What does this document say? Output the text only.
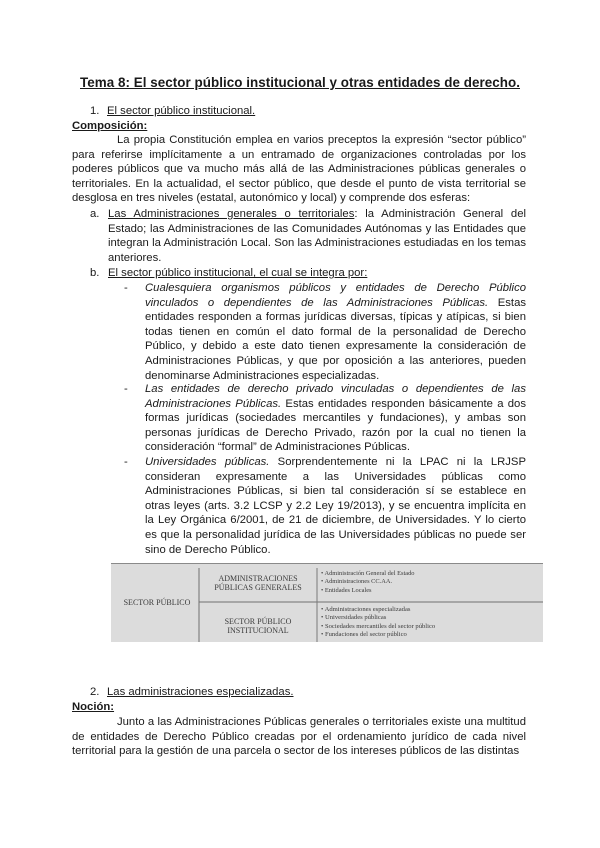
Tema 8: El sector público institucional y otras entidades de derecho.
1. El sector público institucional.
Composición:
La propia Constitución emplea en varios preceptos la expresión “sector público” para referirse implícitamente a un entramado de organizaciones controladas por los poderes públicos que va mucho más allá de las Administraciones públicas generales o territoriales. En la actualidad, el sector público, que desde el punto de vista territorial se desglosa en tres niveles (estatal, autonómico y local) y comprende dos esferas:
a. Las Administraciones generales o territoriales: la Administración General del Estado; las Administraciones de las Comunidades Autónomas y las Entidades que integran la Administración Local. Son las Administraciones estudiadas en los temas anteriores.
b. El sector público institucional, el cual se integra por:
- Cualesquiera organismos públicos y entidades de Derecho Público vinculados o dependientes de las Administraciones Públicas. Estas entidades responden a formas jurídicas diversas, típicas y atípicas, si bien todas tienen en común el dato formal de la personalidad de Derecho Público, y debido a este dato tienen expresamente la consideración de Administraciones Públicas, y que por oposición a las anteriores, pueden denominarse Administraciones especializadas.
- Las entidades de derecho privado vinculadas o dependientes de las Administraciones Públicas. Estas entidades responden básicamente a dos formas jurídicas (sociedades mercantiles y fundaciones), y ambas son personas jurídicas de Derecho Privado, razón por la cual no tienen la consideración “formal” de Administraciones Públicas.
- Universidades públicas. Sorprendentemente ni la LPAC ni la LRJSP consideran expresamente a las Universidades públicas como Administraciones Públicas, si bien tal consideración sí se establece en otras leyes (arts. 3.2 LCSP y 2.2 Ley 19/2013), y se encuentra implícita en la Ley Orgánica 6/2001, de 21 de diciembre, de Universidades. Y lo cierto es que la personalidad jurídica de las Universidades públicas no puede ser sino de Derecho Público.
SECTOR PÚBLICO
ADMINISTRACIONES PÚBLICAS GENERALES
SECTOR PÚBLICO INSTITUCIONAL
• Administración General del Estado
• Administraciones CC.AA.
• Entidades Locales
• Administraciones especializadas
• Universidades públicas
• Sociedades mercantiles del sector público
• Fundaciones del sector público
2. Las administraciones especializadas.
Noción:
Junto a las Administraciones Públicas generales o territoriales existe una multitud de entidades de Derecho Público creadas por el ordenamiento jurídico de cada nivel territorial para la gestión de una parcela o sector de los intereses públicos de las distintas
